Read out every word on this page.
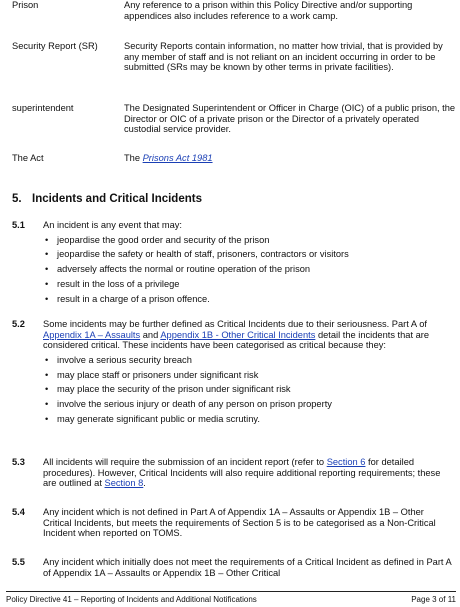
Prison	Any reference to a prison within this Policy Directive and/or supporting appendices also includes reference to a work camp.
Security Report (SR)	Security Reports contain information, no matter how trivial, that is provided by any member of staff and is not reliant on an incident occurring in order to be submitted (SRs may be known by other terms in private facilities).
superintendent	The Designated Superintendent or Officer in Charge (OIC) of a public prison, the Director or OIC of a private prison or the Director of a privately operated custodial service provider.
The Act	The Prisons Act 1981
5. Incidents and Critical Incidents
5.1 An incident is any event that may:
• jeopardise the good order and security of the prison
• jeopardise the safety or health of staff, prisoners, contractors or visitors
• adversely affects the normal or routine operation of the prison
• result in the loss of a privilege
• result in a charge of a prison offence.
5.2 Some incidents may be further defined as Critical Incidents due to their seriousness. Part A of Appendix 1A – Assaults and Appendix 1B - Other Critical Incidents detail the incidents that are considered critical. These incidents have been categorised as critical because they:
• involve a serious security breach
• may place staff or prisoners under significant risk
• may place the security of the prison under significant risk
• involve the serious injury or death of any person on prison property
• may generate significant public or media scrutiny.
5.3 All incidents will require the submission of an incident report (refer to Section 6 for detailed procedures). However, Critical Incidents will also require additional reporting requirements; these are outlined at Section 8.
5.4 Any incident which is not defined in Part A of Appendix 1A – Assaults or Appendix 1B – Other Critical Incidents, but meets the requirements of Section 5 is to be categorised as a Non-Critical Incident when reported on TOMS.
5.5 Any incident which initially does not meet the requirements of a Critical Incident as defined in Part A of Appendix 1A – Assaults or Appendix 1B – Other Critical
Policy Directive 41 – Reporting of Incidents and Additional Notifications	Page 3 of 11
